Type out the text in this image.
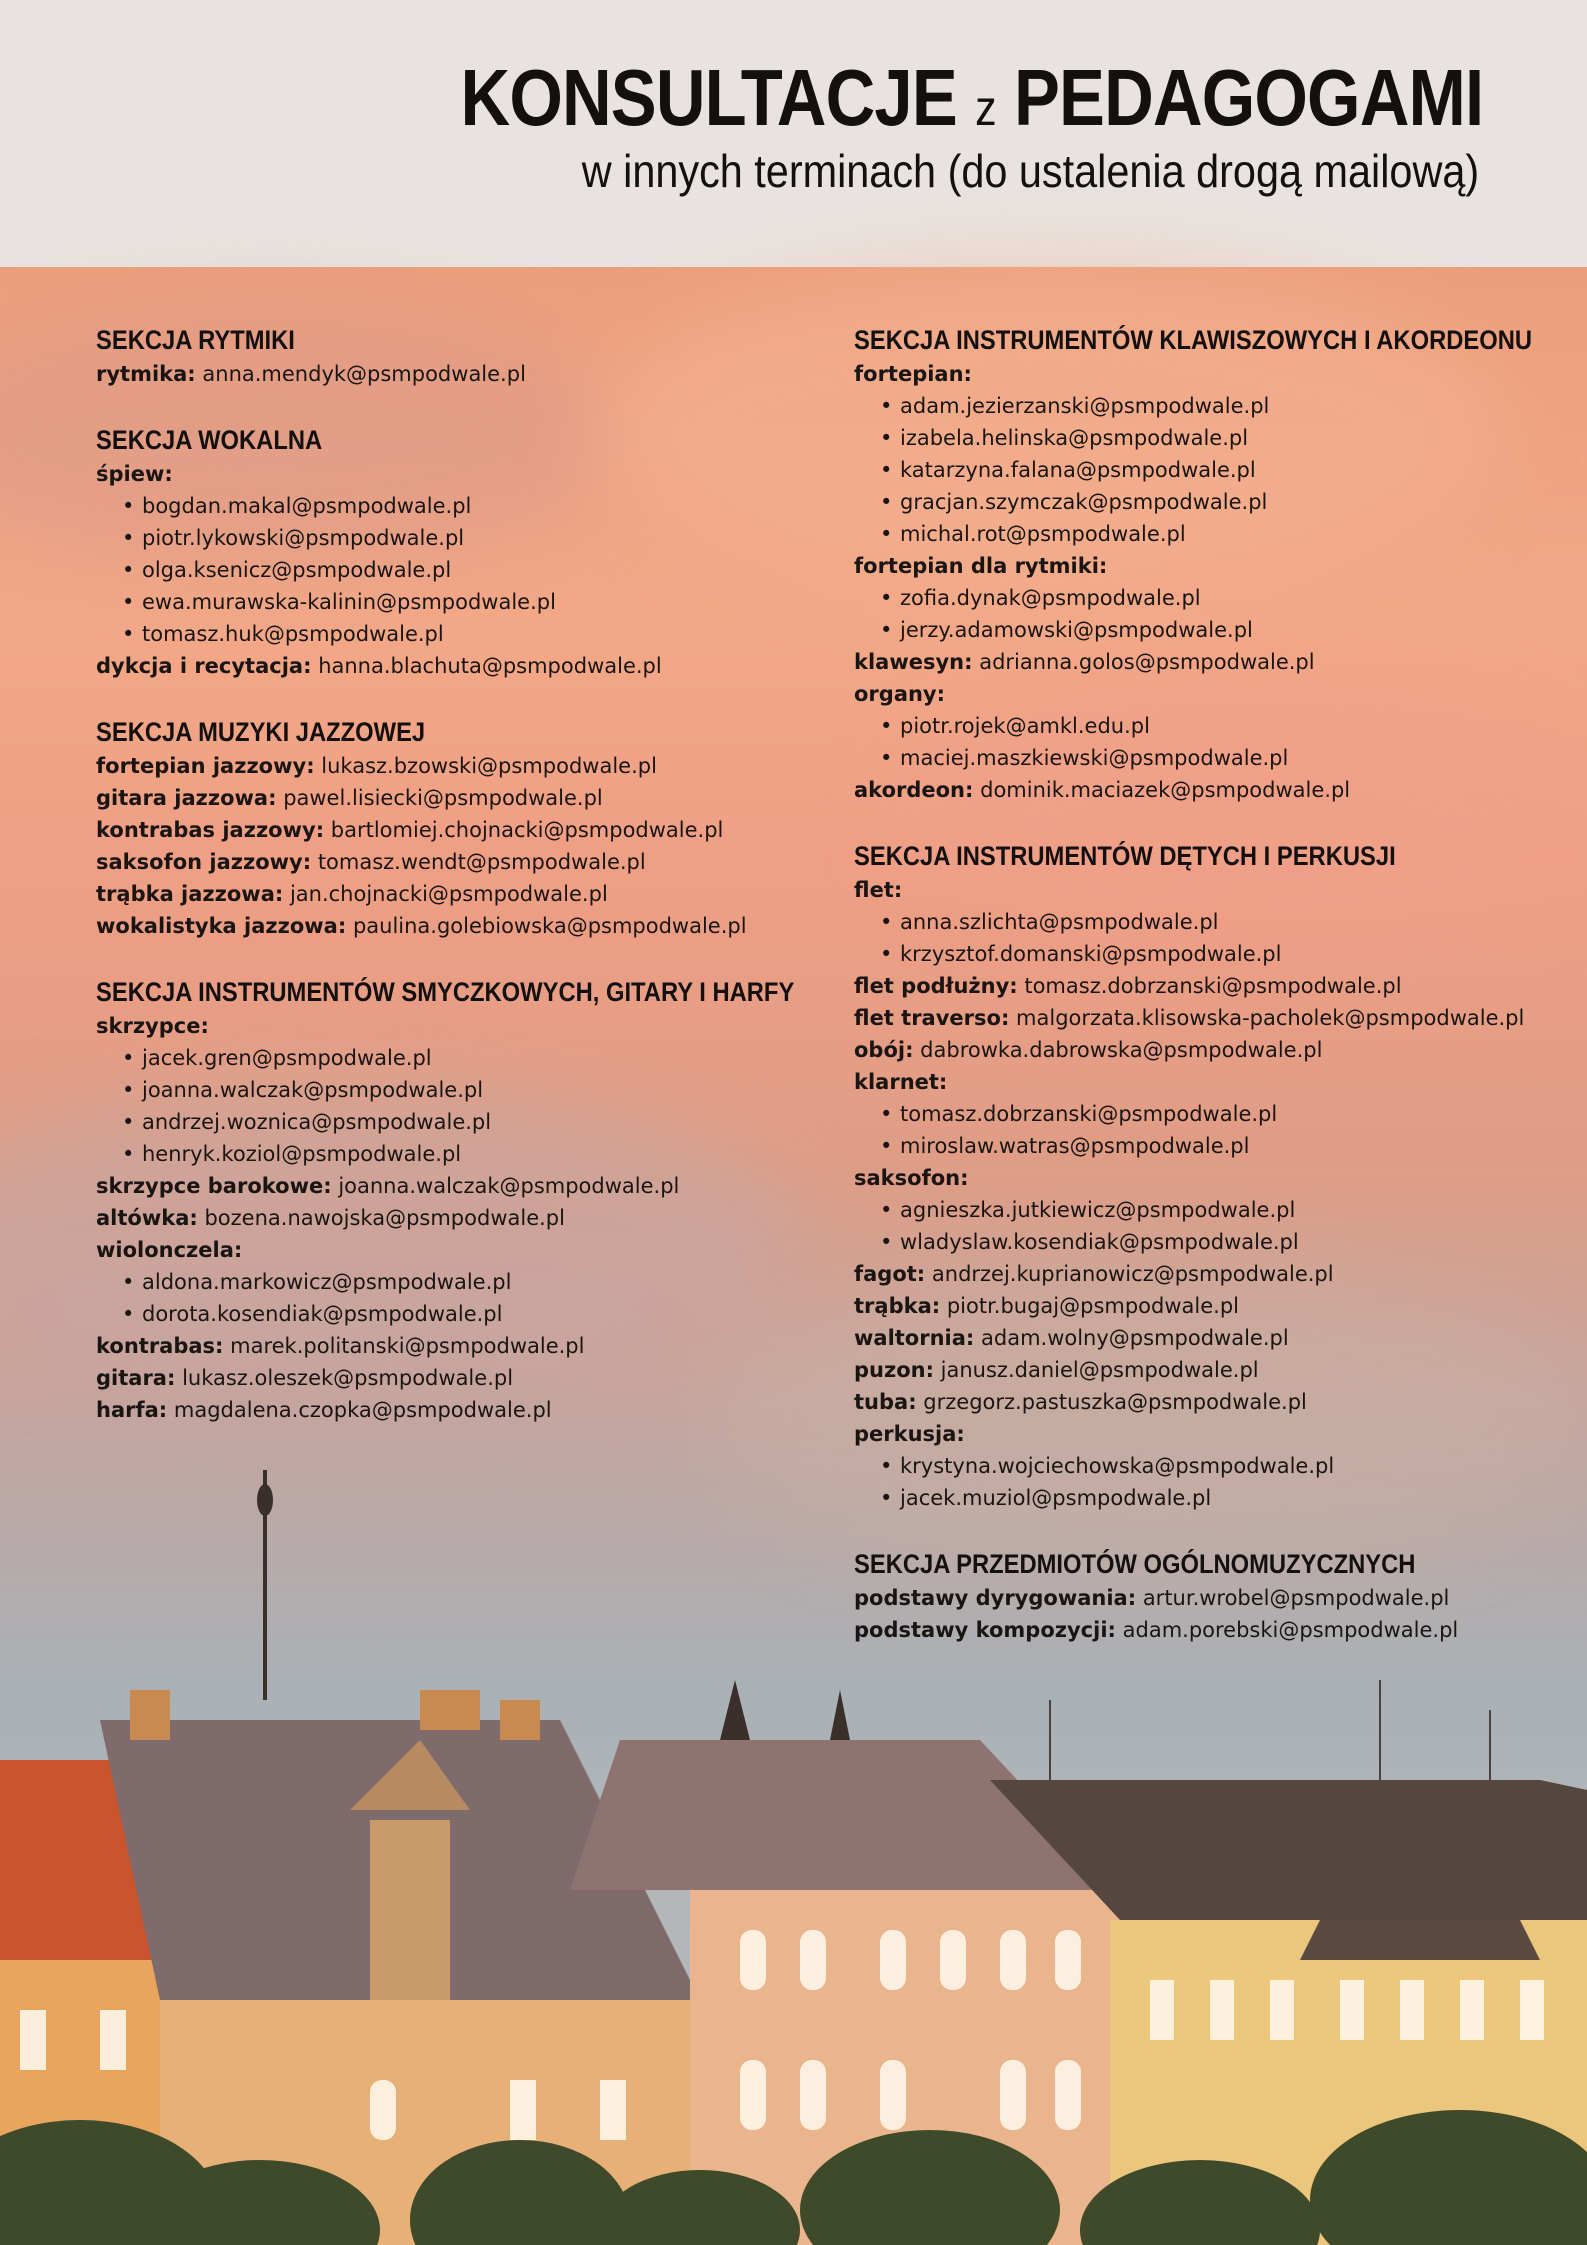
KONSULTACJE z PEDAGOGAMI
w innych terminach (do ustalenia drogą mailową)
SEKCJA RYTMIKI
rytmika: anna.mendyk@psmpodwale.pl
SEKCJA WOKALNA
śpiew:
• bogdan.makal@psmpodwale.pl
• piotr.lykowski@psmpodwale.pl
• olga.ksenicz@psmpodwale.pl
• ewa.murawska-kalinin@psmpodwale.pl
• tomasz.huk@psmpodwale.pl
dykcja i recytacja: hanna.blachuta@psmpodwale.pl
SEKCJA MUZYKI JAZZOWEJ
fortepian jazzowy: lukasz.bzowski@psmpodwale.pl
gitara jazzowa: pawel.lisiecki@psmpodwale.pl
kontrabas jazzowy: bartlomiej.chojnacki@psmpodwale.pl
saksofon jazzowy: tomasz.wendt@psmpodwale.pl
trąbka jazzowa: jan.chojnacki@psmpodwale.pl
wokalistyka jazzowa: paulina.golebiowska@psmpodwale.pl
SEKCJA INSTRUMENTÓW SMYCZKOWYCH, GITARY I HARFY
skrzypce:
• jacek.gren@psmpodwale.pl
• joanna.walczak@psmpodwale.pl
• andrzej.woznica@psmpodwale.pl
• henryk.koziol@psmpodwale.pl
skrzypce barokowe: joanna.walczak@psmpodwale.pl
altówka: bozena.nawojska@psmpodwale.pl
wiolonczela:
• aldona.markowicz@psmpodwale.pl
• dorota.kosendiak@psmpodwale.pl
kontrabas: marek.politanski@psmpodwale.pl
gitara: lukasz.oleszek@psmpodwale.pl
harfa: magdalena.czopka@psmpodwale.pl
SEKCJA INSTRUMENTÓW KLAWISZOWYCH I AKORDEONU
fortepian:
• adam.jezierzanski@psmpodwale.pl
• izabela.helinska@psmpodwale.pl
• katarzyna.falana@psmpodwale.pl
• gracjan.szymczak@psmpodwale.pl
• michal.rot@psmpodwale.pl
fortepian dla rytmiki:
• zofia.dynak@psmpodwale.pl
• jerzy.adamowski@psmpodwale.pl
klawesyn: adrianna.golos@psmpodwale.pl
organy:
• piotr.rojek@amkl.edu.pl
• maciej.maszkiewski@psmpodwale.pl
akordeon: dominik.maciazek@psmpodwale.pl
SEKCJA INSTRUMENTÓW DĘTYCH I PERKUSJI
flet:
• anna.szlichta@psmpodwale.pl
• krzysztof.domanski@psmpodwale.pl
flet podłużny: tomasz.dobrzanski@psmpodwale.pl
flet traverso: malgorzata.klisowska-pacholek@psmpodwale.pl
obój: dabrowka.dabrowska@psmpodwale.pl
klarnet:
• tomasz.dobrzanski@psmpodwale.pl
• miroslaw.watras@psmpodwale.pl
saksofon:
• agnieszka.jutkiewicz@psmpodwale.pl
• wladyslaw.kosendiak@psmpodwale.pl
fagot: andrzej.kuprianowicz@psmpodwale.pl
trąbka: piotr.bugaj@psmpodwale.pl
waltornia: adam.wolny@psmpodwale.pl
puzon: janusz.daniel@psmpodwale.pl
tuba: grzegorz.pastuszka@psmpodwale.pl
perkusja:
• krystyna.wojciechowska@psmpodwale.pl
• jacek.muziol@psmpodwale.pl
SEKCJA PRZEDMIOTÓW OGÓLNOMUZYCZNYCH
podstawy dyrygowania: artur.wrobel@psmpodwale.pl
podstawy kompozycji: adam.porebski@psmpodwale.pl
